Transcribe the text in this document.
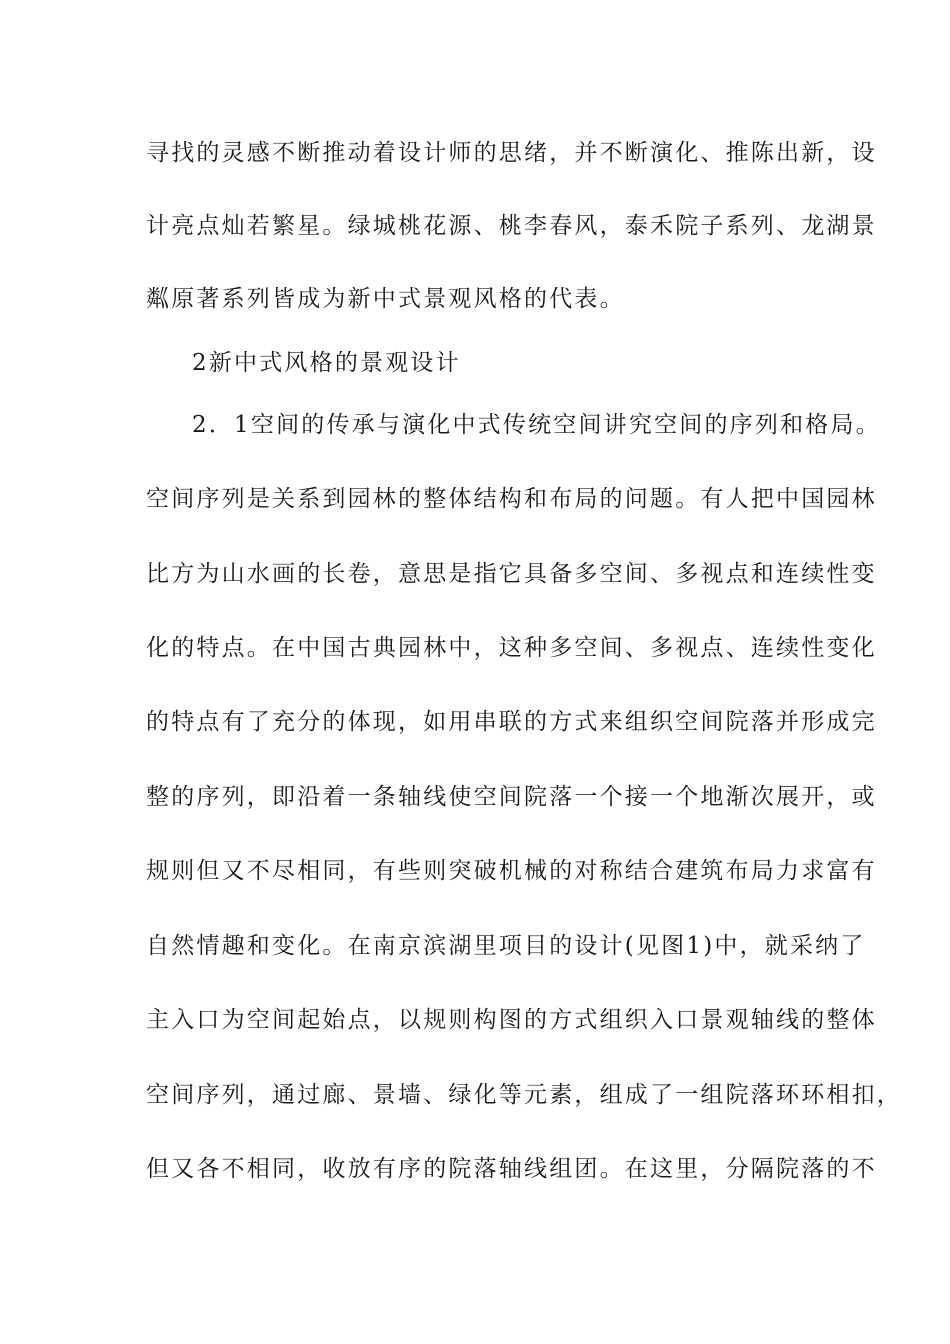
寻找的灵感不断推动着设计师的思绪，并不断演化、推陈出新，设
计亮点灿若繁星。绿城桃花源、桃李春风，泰禾院子系列、龙湖景
粼原著系列皆成为新中式景观风格的代表。
2新中式风格的景观设计
2．1空间的传承与演化中式传统空间讲究空间的序列和格局。
空间序列是关系到园林的整体结构和布局的问题。有人把中国园林
比方为山水画的长卷，意思是指它具备多空间、多视点和连续性变
化的特点。在中国古典园林中，这种多空间、多视点、连续性变化
的特点有了充分的体现，如用串联的方式来组织空间院落并形成完
整的序列，即沿着一条轴线使空间院落一个接一个地渐次展开，或
规则但又不尽相同，有些则突破机械的对称结合建筑布局力求富有
自然情趣和变化。在南京滨湖里项目的设计(见图1)中，就采纳了
主入口为空间起始点，以规则构图的方式组织入口景观轴线的整体
空间序列，通过廊、景墙、绿化等元素，组成了一组院落环环相扣，
但又各不相同，收放有序的院落轴线组团。在这里，分隔院落的不
